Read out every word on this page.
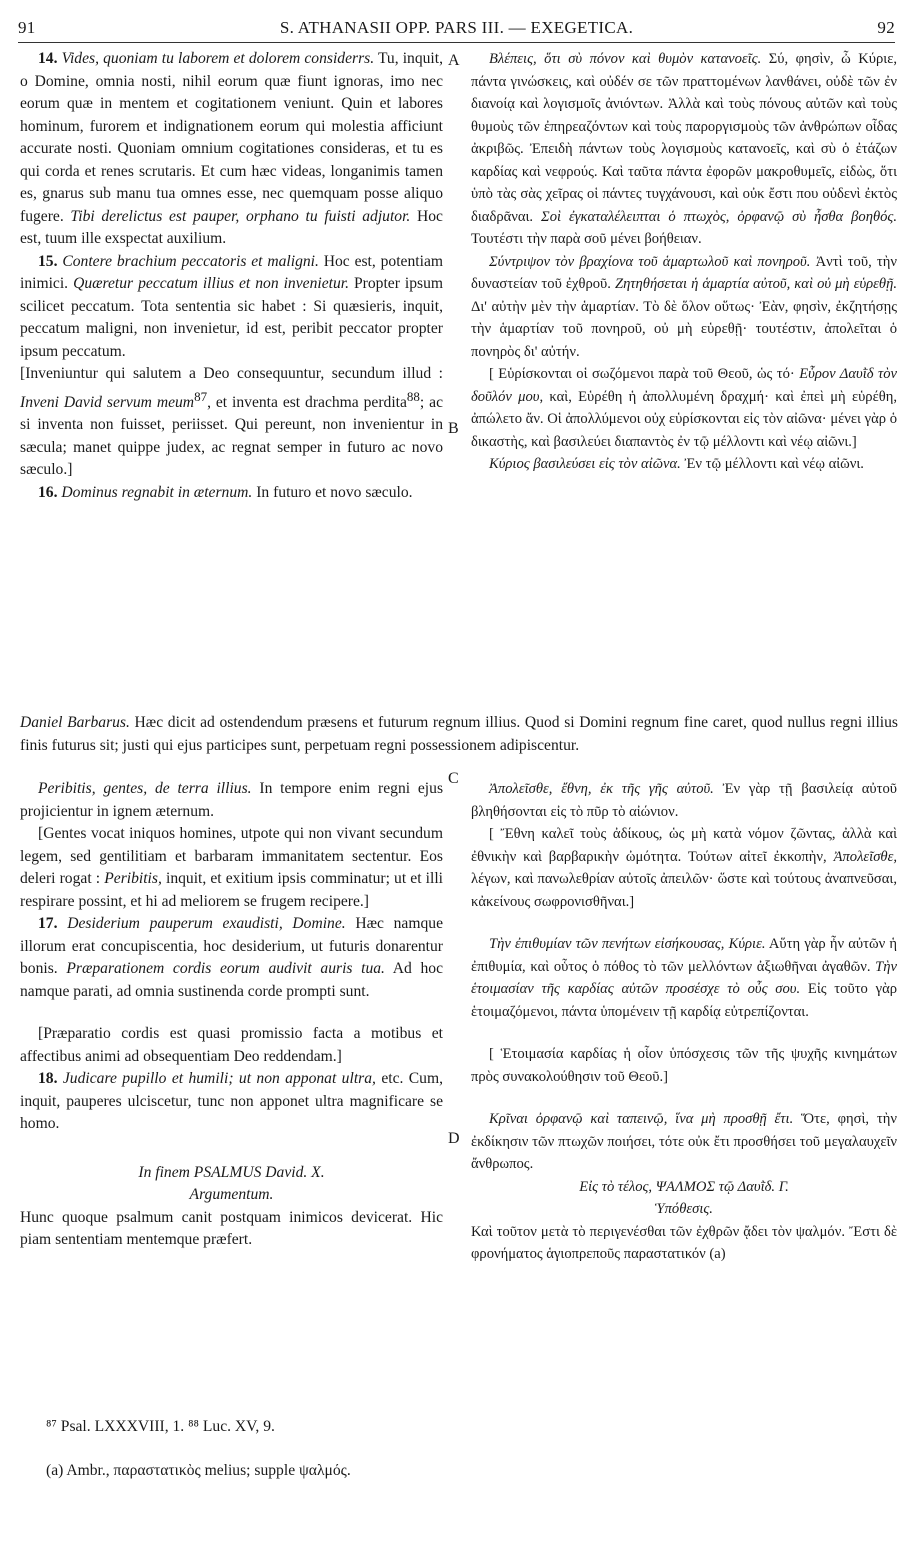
91	S. ATHANASII OPP. PARS III. — EXEGETICA.	92
A
B
C
D

14. Vides, quoniam tu laborem et dolorem considerrs. Tu, inquit, o Domine, omnia nosti, nihil eorum quæ fiunt ignoras, imo nec eorum quæ in mentem et cogitationem veniunt. Quin et labores hominum, furorem et indignationem eorum qui molestia afficiunt accurate nosti. Quoniam omnium cogitationes consideras, et tu es qui corda et renes scrutaris. Et cum hæc videas, longanimis tamen es, gnarus sub manu tua omnes esse, nec quemquam posse aliquo fugere. Tibi derelictus est pauper, orphano tu fuisti adjutor. Hoc est, tuum ille exspectat auxilium.

15. Contere brachium peccatoris et maligni. Hoc est, potentiam inimici. Quæretur peccatum illius et non invenietur. Propter ipsum scilicet peccatum. Tota sententia sic habet : Si quæsieris, inquit, peccatum maligni, non invenietur, id est, peribit peccator propter ipsum peccatum.

[Inveniuntur qui salutem a Deo consequuntur, secundum illud : Inveni David servum meum$^{87}$, et inventa est drachma perdita$^{88}$; ac si inventa non fuisset, periisset. Qui pereunt, non invenientur in sæcula; manet quippe judex, ac regnat semper in futuro ac novo sæculo.]

16. Dominus regnabit in æternum. In futuro et novo sæculo.

Βλέπεις, ὅτι σὺ πόνον καὶ θυμὸν κατανοεῖς. Σύ, φησὶν, ὦ Κύριε, πάντα γινώσκεις, καὶ οὐδέν σε τῶν πραττομένων λανθάνει, οὐδὲ τῶν ἐν διανοίᾳ καὶ λογισμοῖς ἀνιόντων. Ἀλλὰ καὶ τοὺς πόνους αὐτῶν καὶ τοὺς θυμοὺς τῶν ἐπηρεαζόντων καὶ τοὺς παροργισμοὺς τῶν ἀνθρώπων οἶδας ἀκριβῶς. Ἐπειδὴ πάντων τοὺς λογισμοὺς κατανοεῖς, καὶ σὺ ὁ ἐτάζων καρδίας καὶ νεφρούς. Καὶ ταῦτα πάντα ἐφορῶν μακροθυμεῖς, εἰδὼς, ὅτι ὑπὸ τὰς σὰς χεῖρας οἱ πάντες τυγχάνουσι, καὶ οὐκ ἔστι που οὐδενὶ ἐκτὸς διαδρᾶναι. Σοὶ ἐγκαταλέλειπται ὁ πτωχὸς, ὀρφανῷ σὺ ἦσθα βοηθός. Τουτέστι τὴν παρὰ σοῦ μένει βοήθειαν.

Σύντριψον τὸν βραχίονα τοῦ ἁμαρτωλοῦ καὶ πονηροῦ. Ἀντὶ τοῦ, τὴν δυναστείαν τοῦ ἐχθροῦ. Ζητηθήσεται ἡ ἁμαρτία αὐτοῦ, καὶ οὐ μὴ εὑρεθῇ. Δι' αὐτὴν μὲν τὴν ἁμαρτίαν. Τὸ δὲ ὅλον οὕτως· Ἐὰν, φησὶν, ἐκζητήσῃς τὴν ἁμαρτίαν τοῦ πονηροῦ, οὐ μὴ εὑρεθῇ· τουτέστιν, ἀπολεῖται ὁ πονηρὸς δι' αὐτήν.

[ Εὑρίσκονται οἱ σωζόμενοι παρὰ τοῦ Θεοῦ, ὡς τό· Εὗρον Δαυῒδ τὸν δοῦλόν μου, καὶ, Εὑρέθη ἡ ἀπολλυμένη δραχμή· καὶ ἐπεὶ μὴ εὑρέθη, ἀπώλετο ἄν. Οἱ ἀπολλύμενοι οὐχ εὑρίσκονται εἰς τὸν αἰῶνα· μένει γὰρ ὁ δικαστὴς, καὶ βασιλεύει διαπαντὸς ἐν τῷ μέλλοντι καὶ νέῳ αἰῶνι.]

Κύριος βασιλεύσει εἰς τὸν αἰῶνα. Ἐν τῷ μέλλοντι καὶ νέῳ αἰῶνι.

Daniel Barbarus. Hæc dicit ad ostendendum præsens et futurum regnum illius. Quod si Domini regnum fine caret, quod nullus regni illius finis futurus sit; justi qui ejus participes sunt, perpetuam regni possessionem adipiscentur.

Peribitis, gentes, de terra illius. In tempore enim regni ejus projicientur in ignem æternum.

[Gentes vocat iniquos homines, utpote qui non vivant secundum legem, sed gentilitiam et barbaram immanitatem sectentur. Eos deleri rogat : Peribitis, inquit, et exitium ipsis comminatur; ut et illi respirare possint, et hi ad meliorem se frugem recipere.]

17. Desiderium pauperum exaudisti, Domine. Hæc namque illorum erat concupiscentia, hoc desiderium, ut futuris donarentur bonis. Præparationem cordis eorum audivit auris tua. Ad hoc namque parati, ad omnia sustinenda corde prompti sunt.

[Præparatio cordis est quasi promissio facta a motibus et affectibus animi ad obsequentiam Deo reddendam.]

18. Judicare pupillo et humili; ut non apponat ultra, etc. Cum, inquit, pauperes ulciscetur, tunc non apponet ultra magnificare se homo.

In finem PSALMUS David. X.

Argumentum.

Hunc quoque psalmum canit postquam inimicos devicerat. Hic piam sententiam mentemque præfert.

Ἀπολεῖσθε, ἔθνη, ἐκ τῆς γῆς αὐτοῦ. Ἐν γὰρ τῇ βασιλείᾳ αὐτοῦ βληθήσονται εἰς τὸ πῦρ τὸ αἰώνιον.

[ Ἔθνη καλεῖ τοὺς ἀδίκους, ὡς μὴ κατὰ νόμον ζῶντας, ἀλλὰ καὶ ἐθνικὴν καὶ βαρβαρικὴν ὠμότητα. Τούτων αἰτεῖ ἐκκοπὴν, Ἀπολεῖσθε, λέγων, καὶ πανωλεθρίαν αὐτοῖς ἀπειλῶν· ὥστε καὶ τούτους ἀναπνεῦσαι, κἀκείνους σωφρονισθῆναι.]

Τὴν ἐπιθυμίαν τῶν πενήτων εἰσήκουσας, Κύριε. Αὕτη γὰρ ἦν αὐτῶν ἡ ἐπιθυμία, καὶ οὗτος ὁ πόθος τὸ τῶν μελλόντων ἀξιωθῆναι ἀγαθῶν. Τὴν ἑτοιμασίαν τῆς καρδίας αὐτῶν προσέσχε τὸ οὖς σου. Εἰς τοῦτο γὰρ ἑτοιμαζόμενοι, πάντα ὑπομένειν τῇ καρδίᾳ εὐτρεπίζονται.

[ Ἑτοιμασία καρδίας ἡ οἷον ὑπόσχεσις τῶν τῆς ψυχῆς κινημάτων πρὸς συνακολούθησιν τοῦ Θεοῦ.]

Κρῖναι ὀρφανῷ καὶ ταπεινῷ, ἵνα μὴ προσθῇ ἔτι. Ὅτε, φησὶ, τὴν ἐκδίκησιν τῶν πτωχῶν ποιήσει, τότε οὐκ ἔτι προσθήσει τοῦ μεγαλαυχεῖν ἄνθρωπος.

Εἰς τὸ τέλος, ΨΑΛΜΟΣ τῷ Δαυῒδ. Γ.

Ὑπόθεσις.

Καὶ τοῦτον μετὰ τὸ περιγενέσθαι τῶν ἐχθρῶν ᾄδει τὸν ψαλμόν. Ἔστι δὲ φρονήματος ἁγιοπρεποῦς παραστατικόν (a)

⁸⁷ Psal. LXXXVIII, 1. ⁸⁸ Luc. XV, 9.
(a) Ambr., παραστατικὸς melius; supple ψαλμός.
